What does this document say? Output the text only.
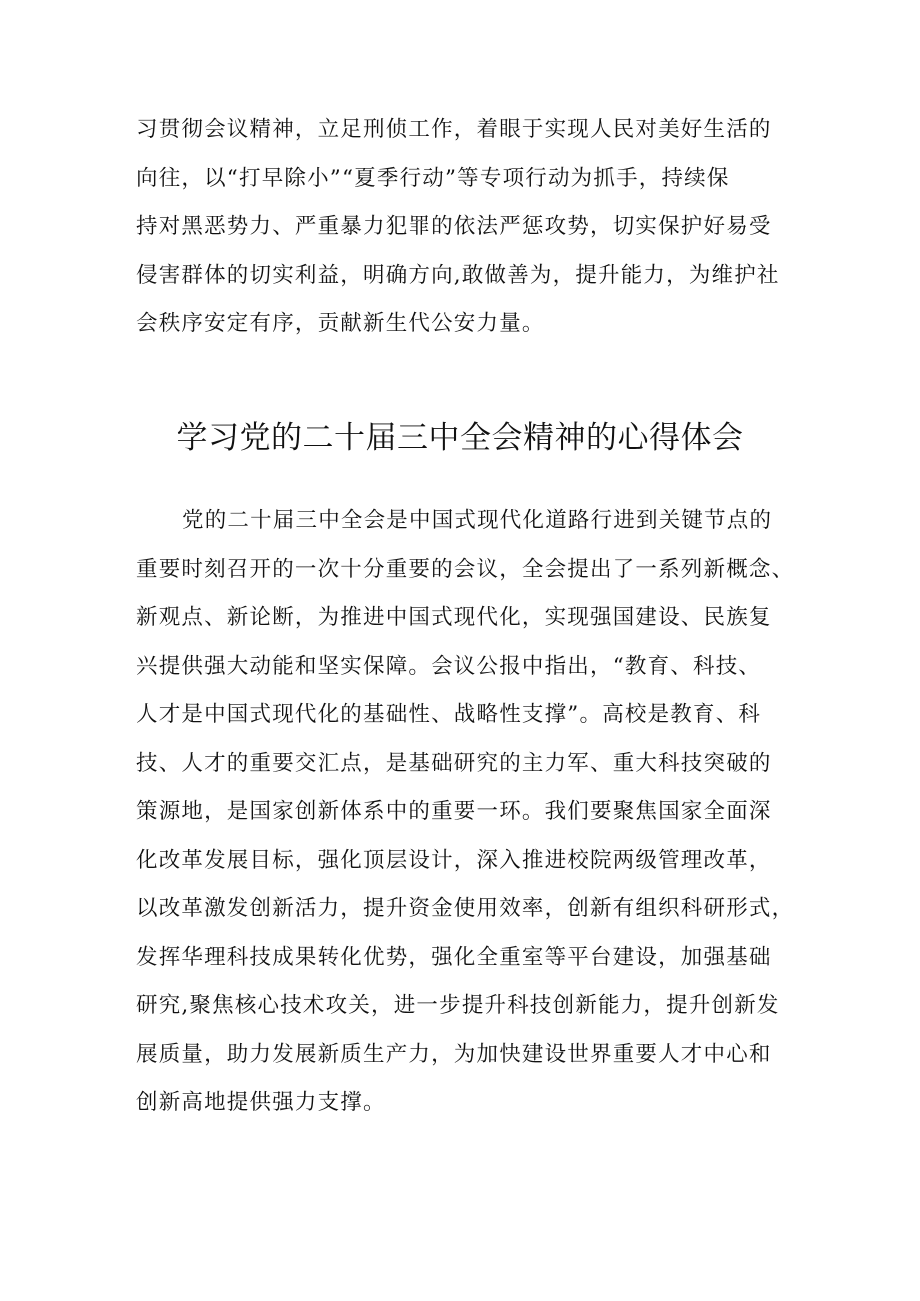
习贯彻会议精神，立足刑侦工作，着眼于实现人民对美好生活的
向往，以“打早除小”“夏季行动”等专项行动为抓手，持续保
持对黑恶势力、严重暴力犯罪的依法严惩攻势，切实保护好易受
侵害群体的切实利益，明确方向,敢做善为，提升能力，为维护社
会秩序安定有序，贡献新生代公安力量。
学习党的二十届三中全会精神的心得体会
党的二十届三中全会是中国式现代化道路行进到关键节点的
重要时刻召开的一次十分重要的会议，全会提出了一系列新概念、
新观点、新论断，为推进中国式现代化，实现强国建设、民族复
兴提供强大动能和坚实保障。会议公报中指出，“教育、科技、
人才是中国式现代化的基础性、战略性支撑”。高校是教育、科
技、人才的重要交汇点，是基础研究的主力军、重大科技突破的
策源地，是国家创新体系中的重要一环。我们要聚焦国家全面深
化改革发展目标，强化顶层设计，深入推进校院两级管理改革，
以改革激发创新活力，提升资金使用效率，创新有组织科研形式，
发挥华理科技成果转化优势，强化全重室等平台建设，加强基础
研究,聚焦核心技术攻关，进一步提升科技创新能力，提升创新发
展质量，助力发展新质生产力，为加快建设世界重要人才中心和
创新高地提供强力支撑。
